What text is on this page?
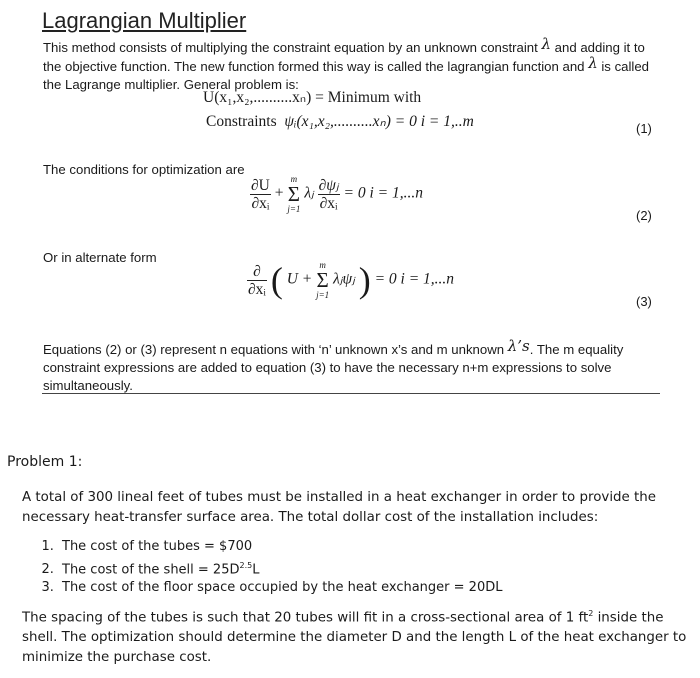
Lagrangian Multiplier
This method consists of multiplying the constraint equation by an unknown constraint λ and adding it to the objective function. The new function formed this way is called the lagrangian function and λ is called the Lagrange multiplier. General problem is:
U(x₁,x₂,..........xₙ) = Minimum with
Constraints ψᵢ(x₁,x₂,..........xₙ) = 0 i = 1,..m	(1)
The conditions for optimization are
$\frac{\partial U}{\text{∂xᵢ}}$ +
m
Σ
j=1
λⱼ $\frac{\text{∂ψⱼ}}{\text{∂xᵢ}} = 0$ i = 1,...n
(2)
Or in alternate form
$\frac{\partial}{\text{∂xᵢ}}$ ( U +
m
Σ
j=1
λⱼψⱼ ) = 0 i = 1,...n
(3)
Equations (2) or (3) represent n equations with ‘n’ unknown x’s and m unknown λ’s. The m equality constraint expressions are added to equation (3) to have the necessary n+m expressions to solve simultaneously.
Problem 1:
A total of 300 lineal feet of tubes must be installed in a heat exchanger in order to provide the necessary heat-transfer surface area. The total dollar cost of the installation includes:
1. The cost of the tubes = $700
2. The cost of the shell = $25D^{2.5}L$
3. The cost of the floor space occupied by the heat exchanger = 20DL
The spacing of the tubes is such that 20 tubes will fit in a cross-sectional area of 1 $ft^2$ inside the shell. The optimization should determine the diameter D and the length L of the heat exchanger to minimize the purchase cost.
